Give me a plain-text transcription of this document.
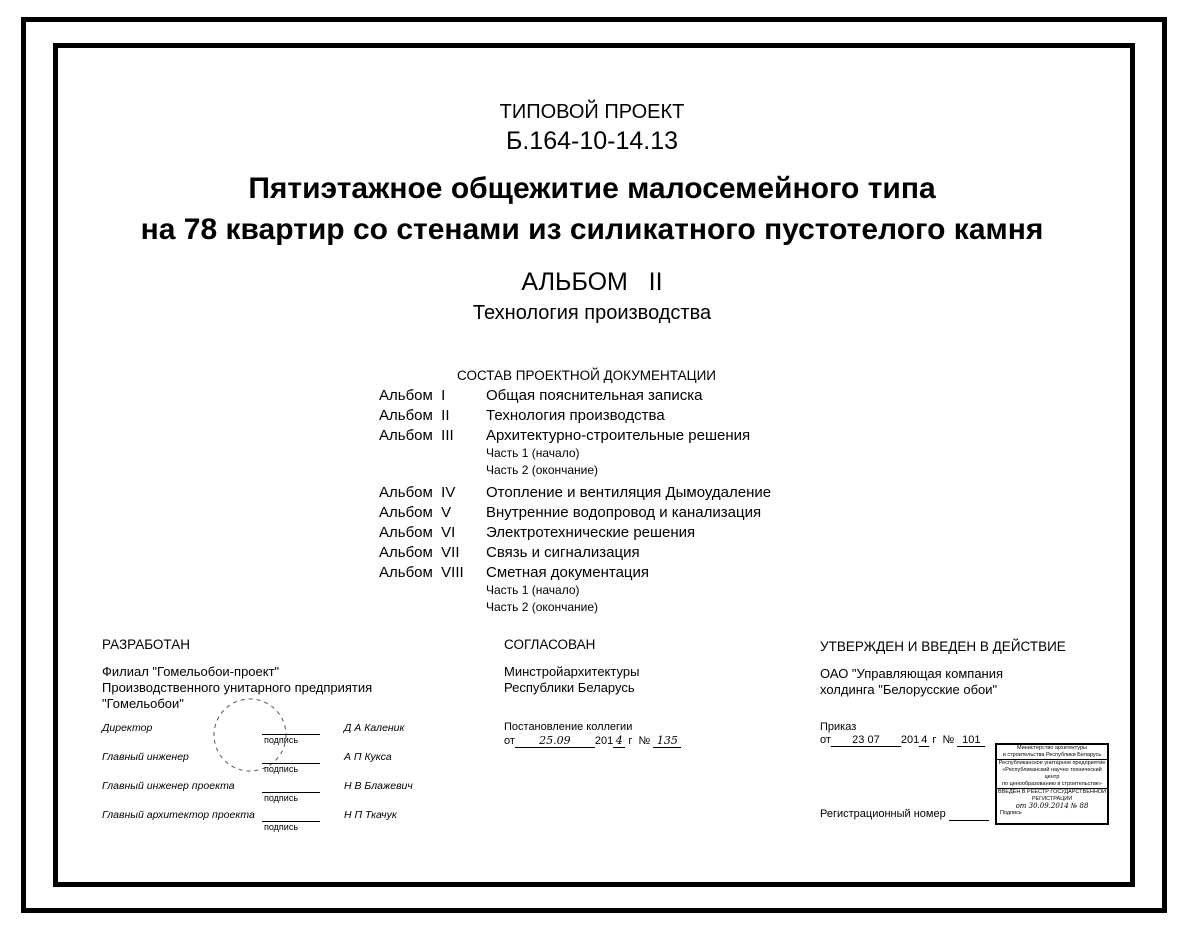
ТИПОВОЙ ПРОЕКТ
Б.164-10-14.13
Пятиэтажное общежитие малосемейного типа
на 78 квартир со стенами из силикатного пустотелого камня
АЛЬБОМ   II
Технология производства
СОСТАВ ПРОЕКТНОЙ ДОКУМЕНТАЦИИ
Альбом  I	Общая пояснительная записка
Альбом  II Технология производства
Альбом  III Архитектурно-строительные решения
Часть 1 (начало)
Часть 2 (окончание)
Альбом  IV Отопление и вентиляция Дымоудаление
Альбом  V Внутренние водопровод и канализация
Альбом  VI Электротехнические решения
Альбом  VII Связь и сигнализация
Альбом  VIII Сметная документация
Часть 1 (начало)
Часть 2 (окончание)
РАЗРАБОТАН
Филиал "Гомельобои-проект"
Производственного унитарного предприятия
"Гомельобои"
Директор
подпись
Д А Каленик
Главный инженер
подпись
А П Кукса
Главный инженер проекта
подпись
Н В Блажевич
Главный архитектор проекта
подпись
Н П Ткачук
СОГЛАСОВАН
Минстройархитектуры
Республики Беларусь
Постановление коллегии
от 25.09 201 4 г № 135
УТВЕРЖДЕН И ВВЕДЕН В ДЕЙСТВИЕ
ОАО "Управляющая компания
холдинга "Белорусские обои"
Приказ
от 23 07 201 4 г № 101
Регистрационный номер
Министерство архитектуры
и строительства Республики Беларусь
Республиканское унитарное предприятие
«Республиканский научно технический центр
по ценообразованию в строительстве»
ВВЕДЕН В РЕЕСТР ГОСУДАРСТВЕННОЙ РЕГИСТРАЦИИ
от 30.09.2014 № 88
Подпись
